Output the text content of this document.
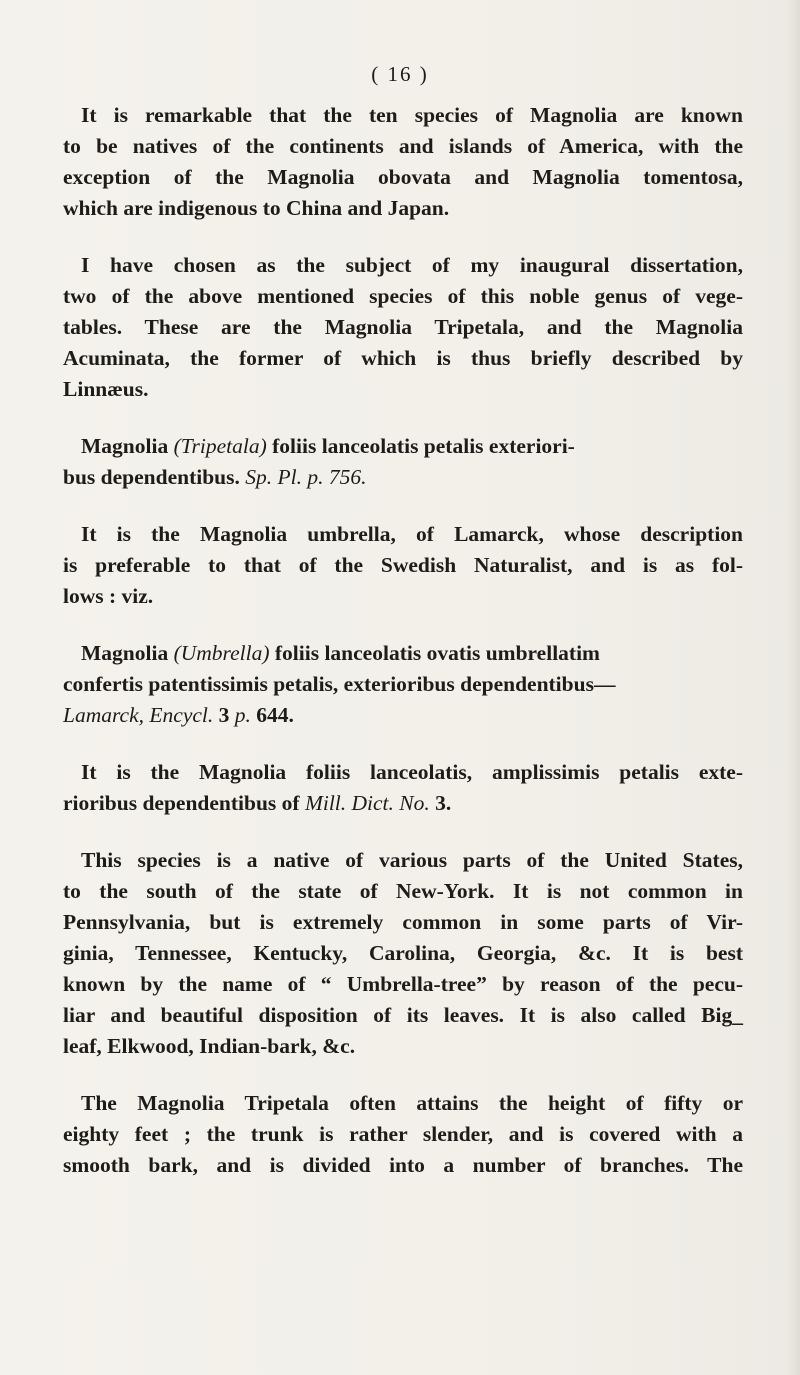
( 16 )

It is remarkable that the ten species of Magnolia are known
to be natives of the continents and islands of America, with the
exception of the Magnolia obovata and Magnolia tomentosa,
which are indigenous to China and Japan.

I have chosen as the subject of my inaugural dissertation,
two of the above mentioned species of this noble genus of vege-
tables. These are the Magnolia Tripetala, and the Magnolia
Acuminata, the former of which is thus briefly described by
Linnæus.

Magnolia (Tripetala) foliis lanceolatis petalis exteriori-
bus dependentibus. Sp. Pl. p. 756.

It is the Magnolia umbrella, of Lamarck, whose description
is preferable to that of the Swedish Naturalist, and is as fol-
lows : viz.

Magnolia (Umbrella) foliis lanceolatis ovatis umbrellatim
confertis patentissimis petalis, exterioribus dependentibus—
Lamarck, Encycl. 3 p. 644.

It is the Magnolia foliis lanceolatis, amplissimis petalis exte-
rioribus dependentibus of Mill. Dict. No. 3.

This species is a native of various parts of the United States,
to the south of the state of New-York. It is not common in
Pennsylvania, but is extremely common in some parts of Vir-
ginia, Tennessee, Kentucky, Carolina, Georgia, &c. It is best
known by the name of “ Umbrella-tree” by reason of the pecu-
liar and beautiful disposition of its leaves. It is also called Big_
leaf, Elkwood, Indian-bark, &c.

The Magnolia Tripetala often attains the height of fifty or
eighty feet ; the trunk is rather slender, and is covered with a
smooth bark, and is divided into a number of branches. The
